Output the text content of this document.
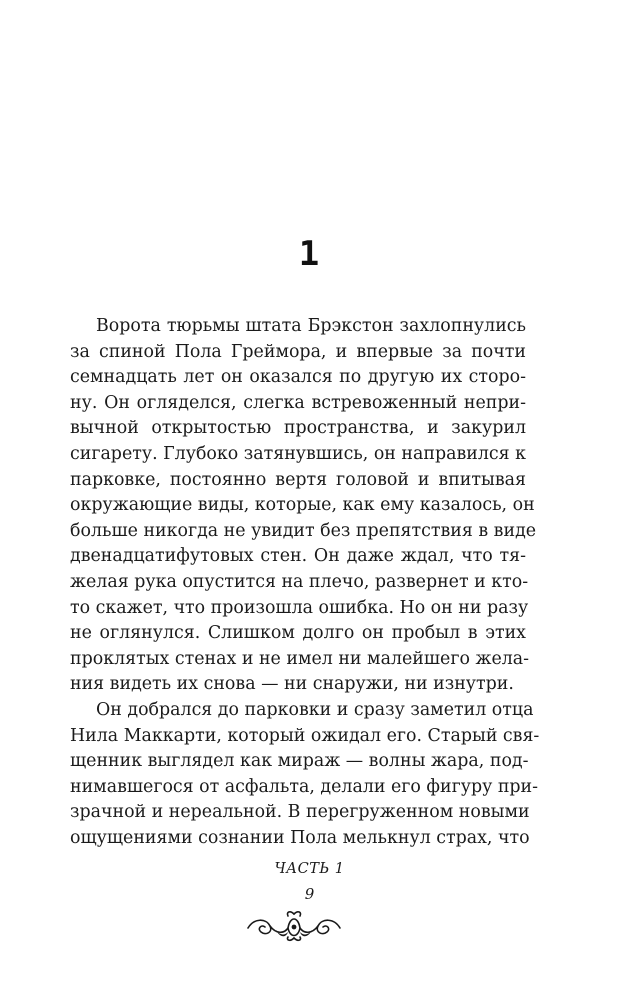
1
Ворота тюрьмы штата Брэкстон захлопнулись
за спиной Пола Греймора, и впервые за почти
семнадцать лет он оказался по другую их сторо-
ну. Он огляделся, слегка встревоженный непри-
вычной открытостью пространства, и закурил
сигарету. Глубоко затянувшись, он направился к
парковке, постоянно вертя головой и впитывая
окружающие виды, которые, как ему казалось, он
больше никогда не увидит без препятствия в виде
двенадцатифутовых стен. Он даже ждал, что тя-
желая рука опустится на плечо, развернет и кто-
то скажет, что произошла ошибка. Но он ни разу
не оглянулся. Слишком долго он пробыл в этих
проклятых стенах и не имел ни малейшего жела-
ния видеть их снова — ни снаружи, ни изнутри.
Он добрался до парковки и сразу заметил отца
Нила Маккарти, который ожидал его. Старый свя-
щенник выглядел как мираж — волны жара, под-
нимавшегося от асфальта, делали его фигуру при-
зрачной и нереальной. В перегруженном новыми
ощущениями сознании Пола мелькнул страх, что
ЧАСТЬ 1
9
